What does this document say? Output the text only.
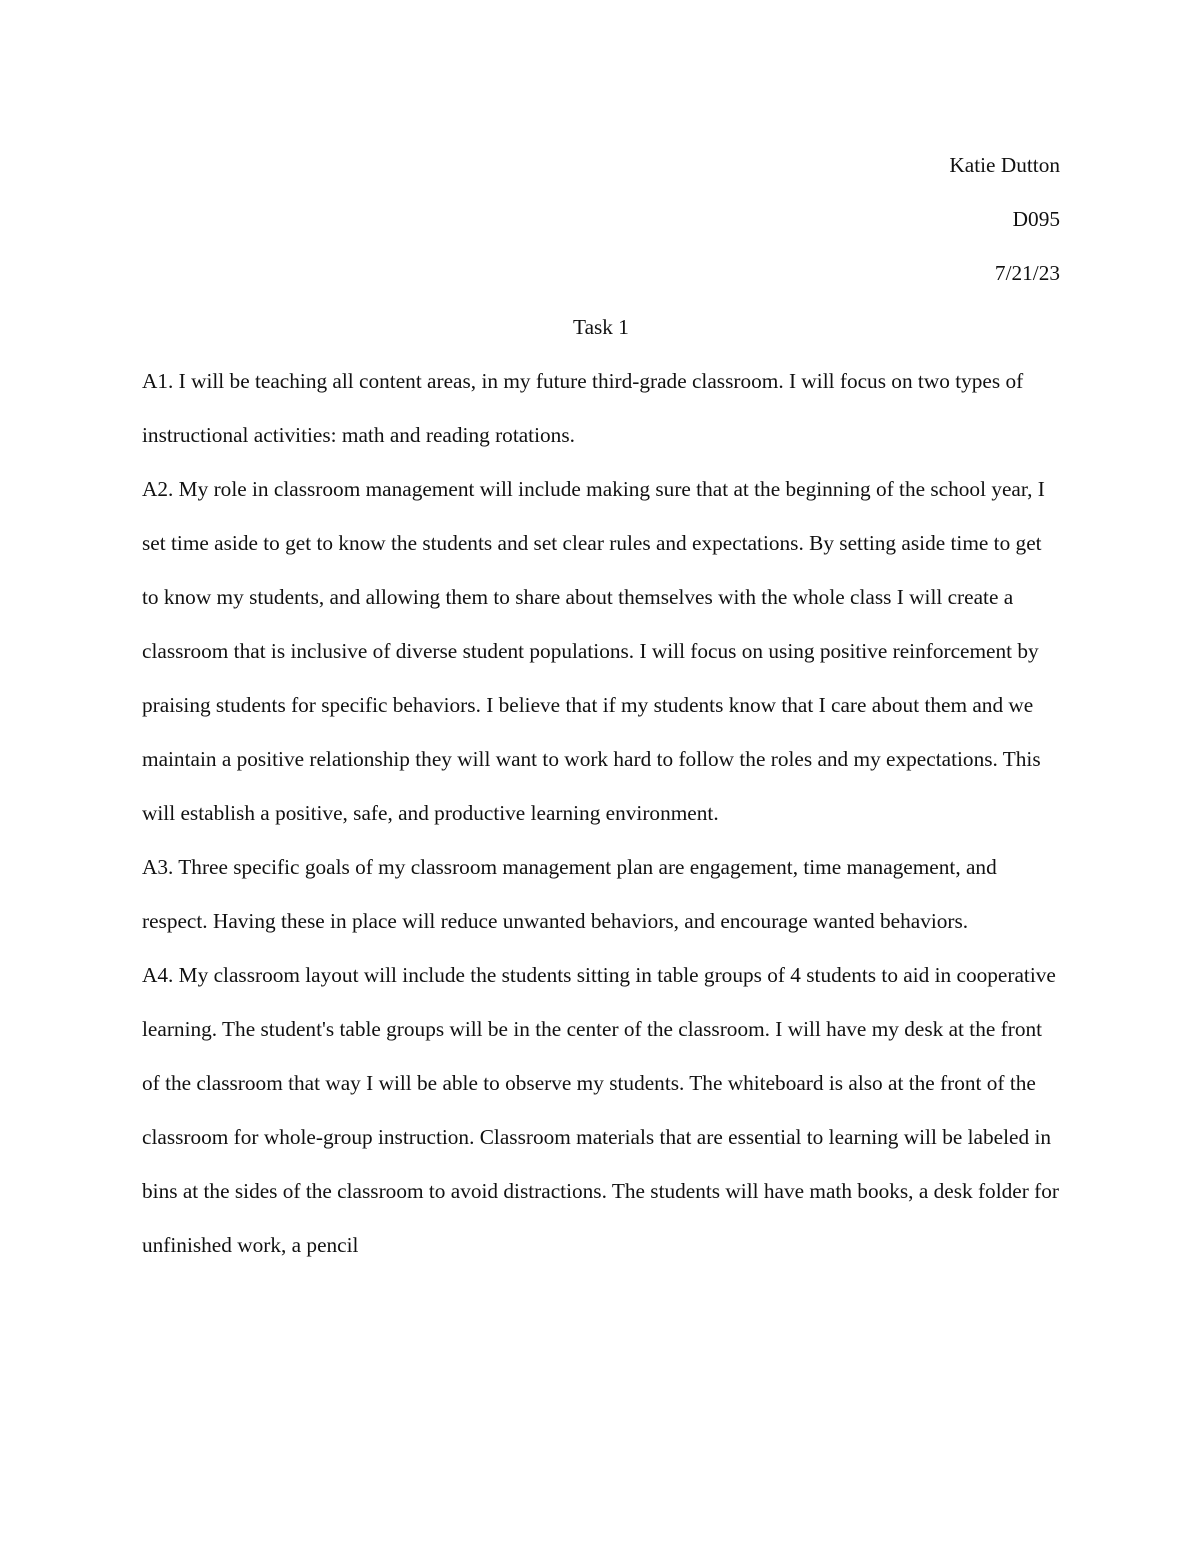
Katie Dutton

D095

7/21/23

Task 1

A1. I will be teaching all content areas, in my future third-grade classroom. I will focus on two types of instructional activities: math and reading rotations.

A2. My role in classroom management will include making sure that at the beginning of the school year, I set time aside to get to know the students and set clear rules and expectations. By setting aside time to get to know my students, and allowing them to share about themselves with the whole class I will create a classroom that is inclusive of diverse student populations. I will focus on using positive reinforcement by praising students for specific behaviors. I believe that if my students know that I care about them and we maintain a positive relationship they will want to work hard to follow the roles and my expectations. This will establish a positive, safe, and productive learning environment.

A3. Three specific goals of my classroom management plan are engagement, time management, and respect. Having these in place will reduce unwanted behaviors, and encourage wanted behaviors.

A4. My classroom layout will include the students sitting in table groups of 4 students to aid in cooperative learning. The student's table groups will be in the center of the classroom. I will have my desk at the front of the classroom that way I will be able to observe my students. The whiteboard is also at the front of the classroom for whole-group instruction. Classroom materials that are essential to learning will be labeled in bins at the sides of the classroom to avoid distractions. The students will have math books, a desk folder for unfinished work, a pencil
